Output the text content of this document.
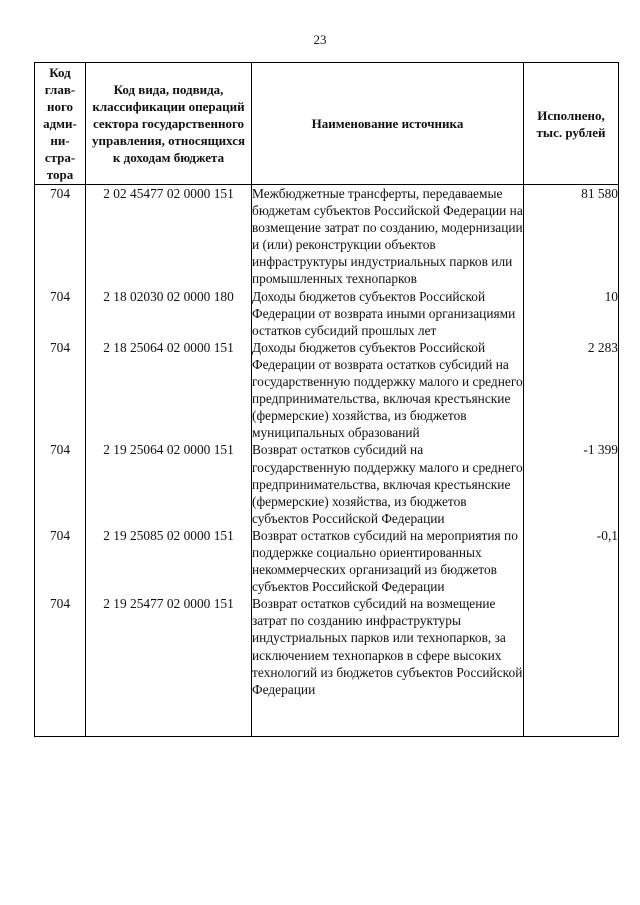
23
Код глав-ного адми-ни-стра-тора	Код вида, подвида, классификации операций сектора государственного управления, относящихся к доходам бюджета	Наименование источника	Исполнено, тыс. рублей
704	2 02 45477 02 0000 151	Межбюджетные трансферты, передаваемые бюджетам субъектов Российской Федерации на возмещение затрат по созданию, модернизации и (или) реконструкции объектов инфраструктуры индустриальных парков или промышленных технопарков	81 580
704	2 18 02030 02 0000 180	Доходы бюджетов субъектов Российской Федерации от возврата иными организациями остатков субсидий прошлых лет	10
704	2 18 25064 02 0000 151	Доходы бюджетов субъектов Российской Федерации от возврата остатков субсидий на государственную поддержку малого и среднего предпринимательства, включая крестьянские (фермерские) хозяйства, из бюджетов муниципальных образований	2 283
704	2 19 25064 02 0000 151	Возврат остатков субсидий на государственную поддержку малого и среднего предпринимательства, включая крестьянские (фермерские) хозяйства, из бюджетов субъектов Российской Федерации	-1 399
704	2 19 25085 02 0000 151	Возврат остатков субсидий на мероприятия по поддержке социально ориентированных некоммерческих организаций из бюджетов субъектов Российской Федерации	-0,1
704	2 19 25477 02 0000 151	Возврат остатков субсидий на возмещение затрат по созданию инфраструктуры индустриальных парков или технопарков, за исключением технопарков в сфере высоких технологий из бюджетов субъектов Российской Федерации	
